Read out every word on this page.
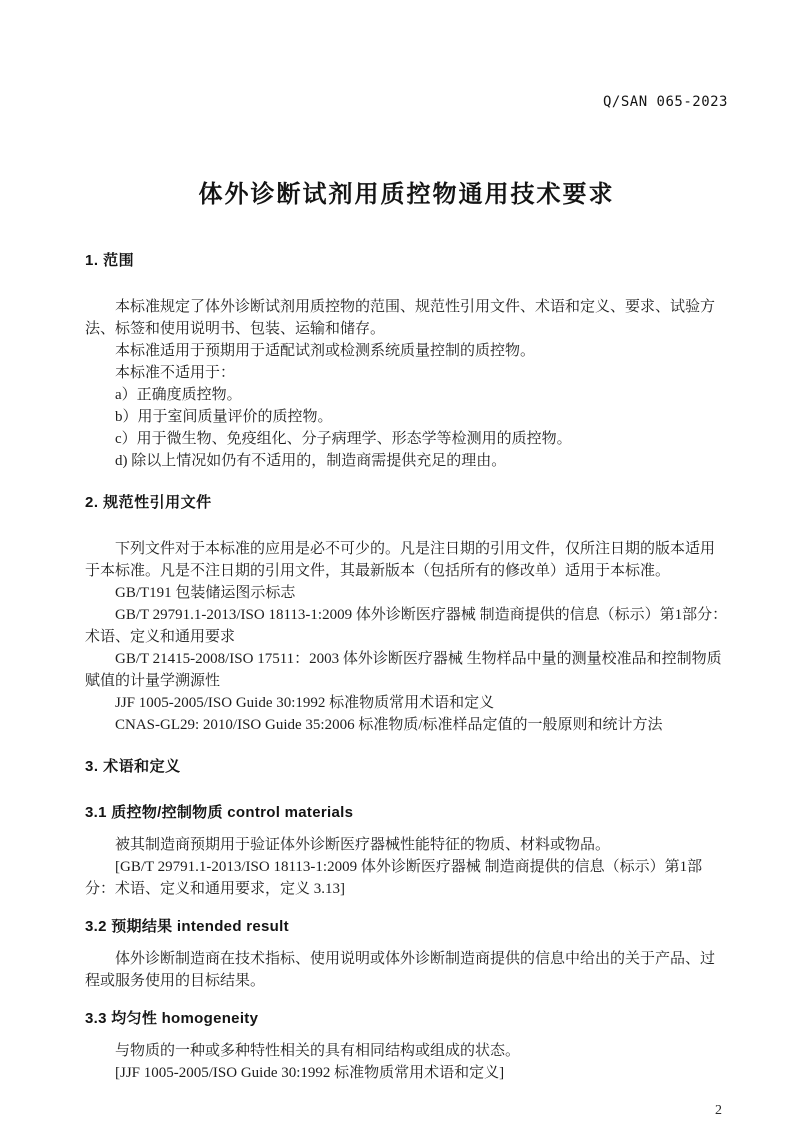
Q/SAN 065-2023
体外诊断试剂用质控物通用技术要求
1. 范围

本标准规定了体外诊断试剂用质控物的范围、规范性引用文件、术语和定义、要求、试验方法、标签和使用说明书、包装、运输和储存。

本标准适用于预期用于适配试剂或检测系统质量控制的质控物。

本标准不适用于：

a）正确度质控物。

b）用于室间质量评价的质控物。

c）用于微生物、免疫组化、分子病理学、形态学等检测用的质控物。

d) 除以上情况如仍有不适用的，制造商需提供充足的理由。

2. 规范性引用文件

下列文件对于本标准的应用是必不可少的。凡是注日期的引用文件，仅所注日期的版本适用于本标准。凡是不注日期的引用文件，其最新版本（包括所有的修改单）适用于本标准。

GB/T191 包装储运图示标志

GB/T 29791.1-2013/ISO 18113-1:2009 体外诊断医疗器械 制造商提供的信息（标示）第1部分：术语、定义和通用要求

GB/T 21415-2008/ISO 17511：2003 体外诊断医疗器械 生物样品中量的测量校准品和控制物质赋值的计量学溯源性

JJF 1005-2005/ISO Guide 30:1992 标准物质常用术语和定义

CNAS-GL29: 2010/ISO Guide 35:2006 标准物质/标准样品定值的一般原则和统计方法

3. 术语和定义
3.1 质控物/控制物质 control materials

被其制造商预期用于验证体外诊断医疗器械性能特征的物质、材料或物品。

[GB/T 29791.1-2013/ISO 18113-1:2009 体外诊断医疗器械 制造商提供的信息（标示）第1部分：术语、定义和通用要求，定义 3.13]

3.2 预期结果 intended result

体外诊断制造商在技术指标、使用说明或体外诊断制造商提供的信息中给出的关于产品、过程或服务使用的目标结果。

3.3 均匀性 homogeneity

与物质的一种或多种特性相关的具有相同结构或组成的状态。

[JJF 1005-2005/ISO Guide 30:1992 标准物质常用术语和定义]

2
